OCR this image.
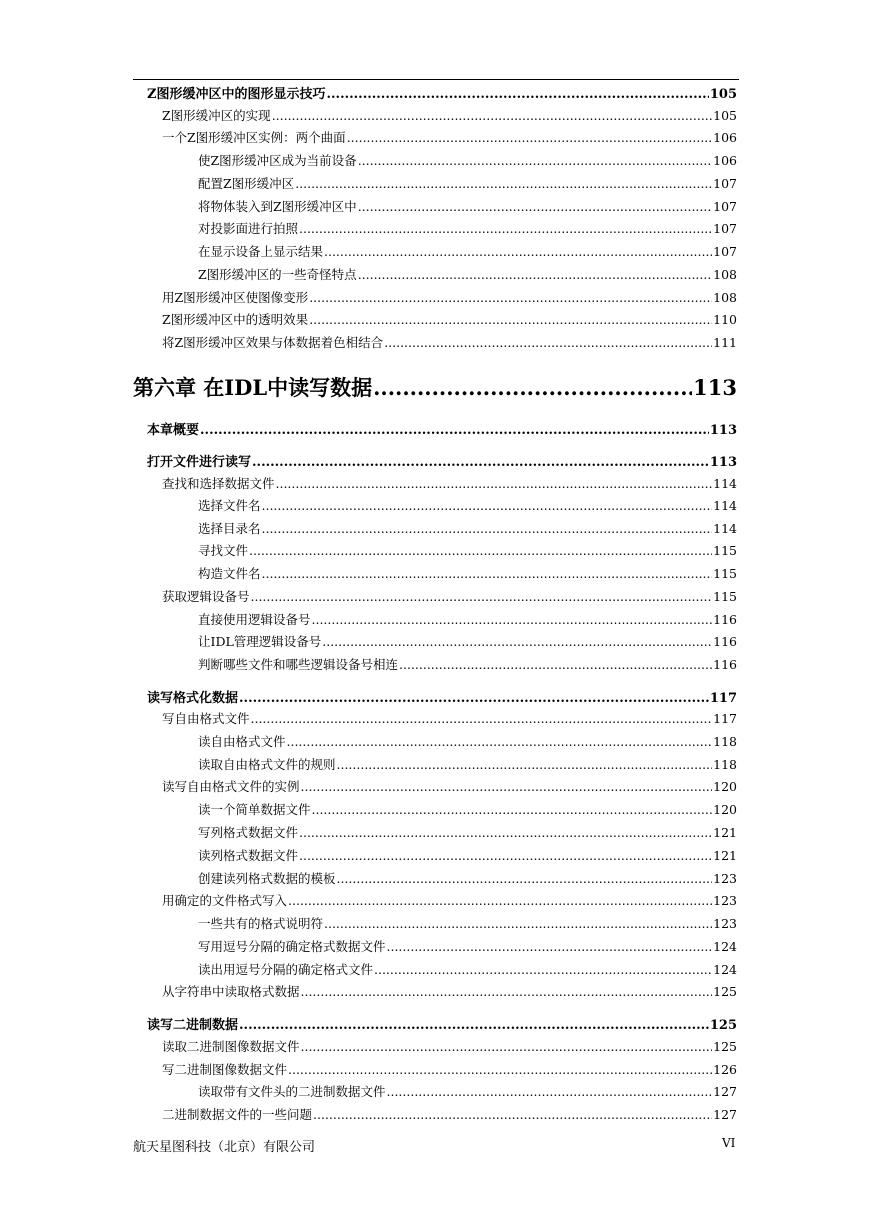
Z图形缓冲区中的图形显示技巧 .....	105
Z图形缓冲区的实现 .....	105
一个Z图形缓冲区实例：两个曲面 .....	106
使Z图形缓冲区成为当前设备 .....	106
配置Z图形缓冲区 .....	107
将物体装入到Z图形缓冲区中 .....	107
对投影面进行拍照 .....	107
在显示设备上显示结果 .....	107
Z图形缓冲区的一些奇怪特点 .....	108
用Z图形缓冲区使图像变形 .....	108
Z图形缓冲区中的透明效果 .....	110
将Z图形缓冲区效果与体数据着色相结合 .....	111
第六章 在IDL中读写数据 .....	113
本章概要 .....	113
打开文件进行读写 .....	113
查找和选择数据文件 .....	114
选择文件名 .....	114
选择目录名 .....	114
寻找文件 .....	115
构造文件名 .....	115
获取逻辑设备号 .....	115
直接使用逻辑设备号 .....	116
让IDL管理逻辑设备号 .....	116
判断哪些文件和哪些逻辑设备号相连 .....	116
读写格式化数据 .....	117
写自由格式文件 .....	117
读自由格式文件 .....	118
读取自由格式文件的规则 .....	118
读写自由格式文件的实例 .....	120
读一个简单数据文件 .....	120
写列格式数据文件 .....	121
读列格式数据文件 .....	121
创建读列格式数据的模板 .....	123
用确定的文件格式写入 .....	123
一些共有的格式说明符 .....	123
写用逗号分隔的确定格式数据文件 .....	124
读出用逗号分隔的确定格式文件 .....	124
从字符串中读取格式数据 .....	125
读写二进制数据 .....	125
读取二进制图像数据文件 .....	125
写二进制图像数据文件 .....	126
读取带有文件头的二进制数据文件 .....	127
二进制数据文件的一些问题 .....	127
航天星图科技（北京）有限公司	VI
